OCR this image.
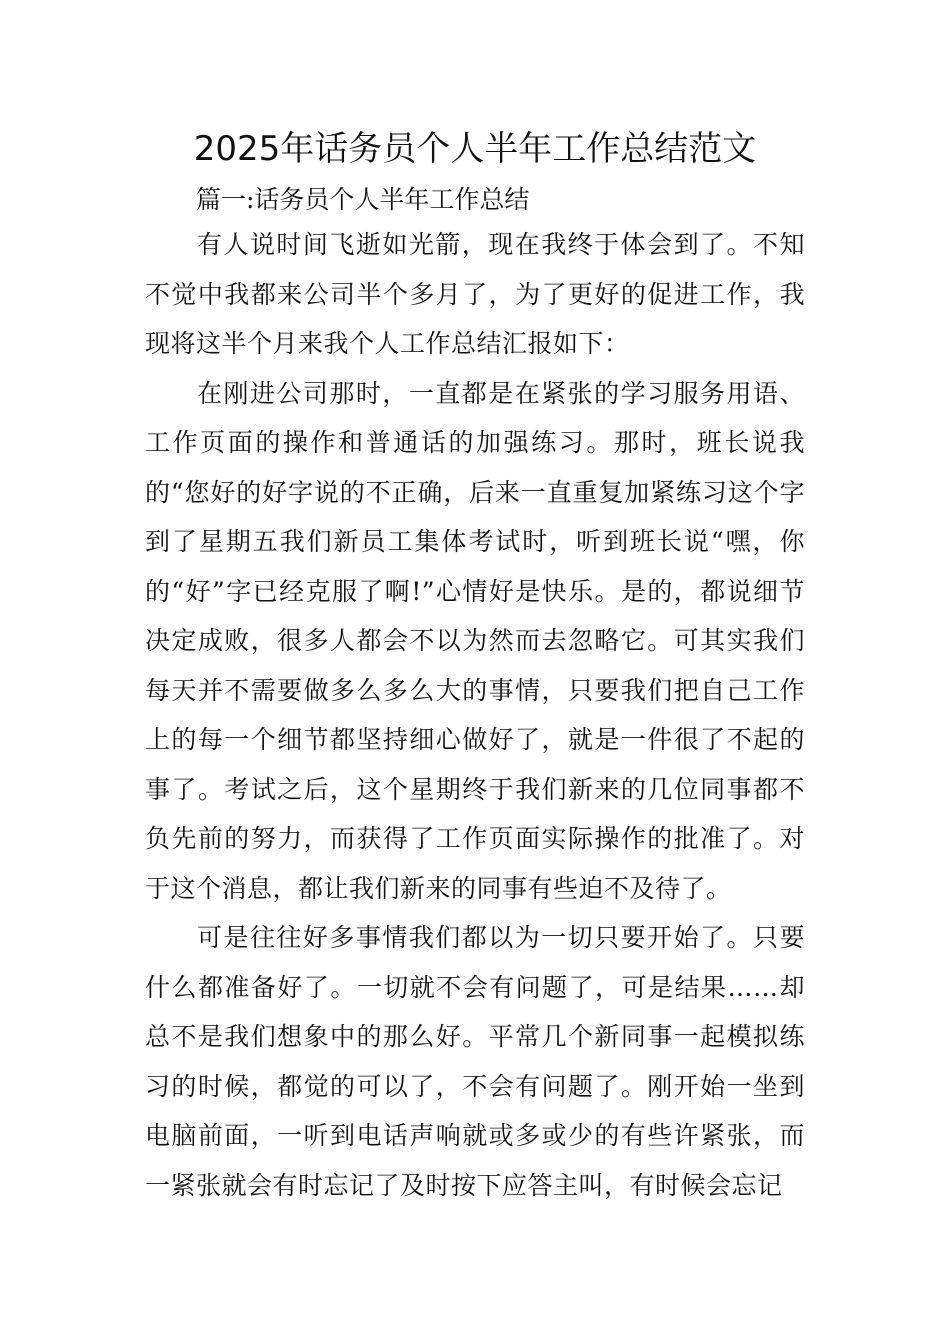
2025年话务员个人半年工作总结范文

篇一:话务员个人半年工作总结

有人说时间飞逝如光箭，现在我终于体会到了。不知不觉中我都来公司半个多月了，为了更好的促进工作，我现将这半个月来我个人工作总结汇报如下：

在刚进公司那时，一直都是在紧张的学习服务用语、工作页面的操作和普通话的加强练习。那时，班长说我的“您好的好字说的不正确，后来一直重复加紧练习这个字到了星期五我们新员工集体考试时，听到班长说“嘿，你的“好”字已经克服了啊!”心情好是快乐。是的，都说细节决定成败，很多人都会不以为然而去忽略它。可其实我们每天并不需要做多么多么大的事情，只要我们把自己工作上的每一个细节都坚持细心做好了，就是一件很了不起的事了。考试之后，这个星期终于我们新来的几位同事都不负先前的努力，而获得了工作页面实际操作的批准了。对于这个消息，都让我们新来的同事有些迫不及待了。

可是往往好多事情我们都以为一切只要开始了。只要什么都准备好了。一切就不会有问题了，可是结果……却总不是我们想象中的那么好。平常几个新同事一起模拟练习的时候，都觉的可以了，不会有问题了。刚开始一坐到电脑前面，一听到电话声响就或多或少的有些许紧张，而一紧张就会有时忘记了及时按下应答主叫，有时候会忘记
